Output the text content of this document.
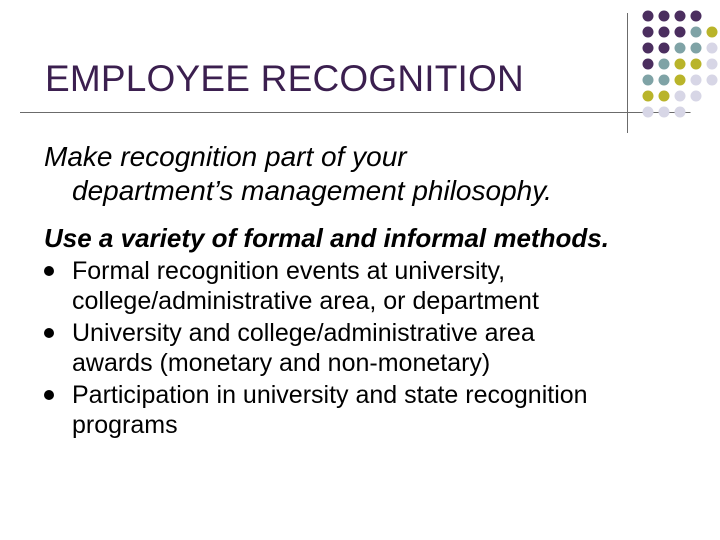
EMPLOYEE RECOGNITION
Make recognition part of your
department’s management philosophy.
Use a variety of formal and informal methods.
Formal recognition events at university,
college/administrative area, or department
University and college/administrative area
awards (monetary and non-monetary)
Participation in university and state recognition
programs
